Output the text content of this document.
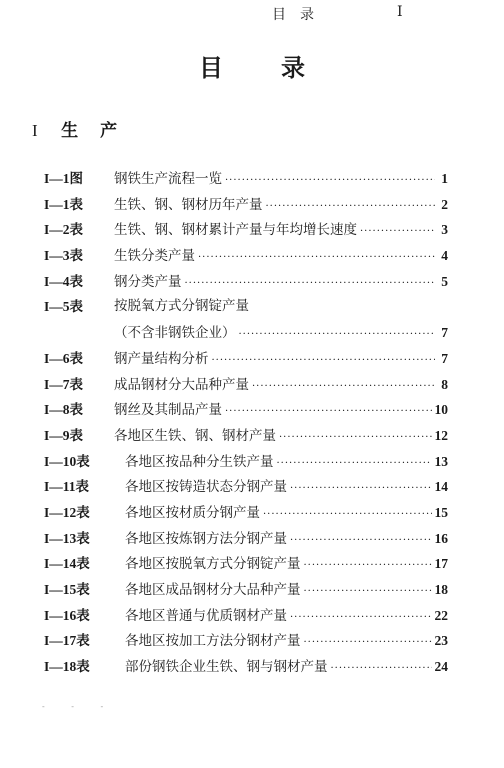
目录	I
目录
I 生产
I—1图 钢铁生产流程一览 ·····	1
I—1表 生铁、钢、钢材历年产量 ·····	2
I—2表 生铁、钢、钢材累计产量与年均增长速度 ·····	3
I—3表 生铁分类产量 ·····	4
I—4表 钢分类产量 ·····	5
I—5表 按脱氧方式分钢锭产量
（不含非钢铁企业） ·····	7
I—6表 钢产量结构分析 ·····	7
I—7表 成品钢材分大品种产量 ·····	8
I—8表 钢丝及其制品产量 ·····	10
I—9表 各地区生铁、钢、钢材产量 ·····	12
I—10表	各地区按品种分生铁产量 ·····	13
I—11表	各地区按铸造状态分钢产量 ·····	14
I—12表	各地区按材质分钢产量 ·····	15
I—13表	各地区按炼钢方法分钢产量 ·····	16
I—14表	各地区按脱氧方式分钢锭产量 ·····	17
I—15表	各地区成品钢材分大品种产量 ·····	18
I—16表	各地区普通与优质钢材产量 ·····	22
I—17表	各地区按加工方法分钢材产量 ·····	23
I—18表	部份钢铁企业生铁、钢与钢材产量 ·····	24
- - -
